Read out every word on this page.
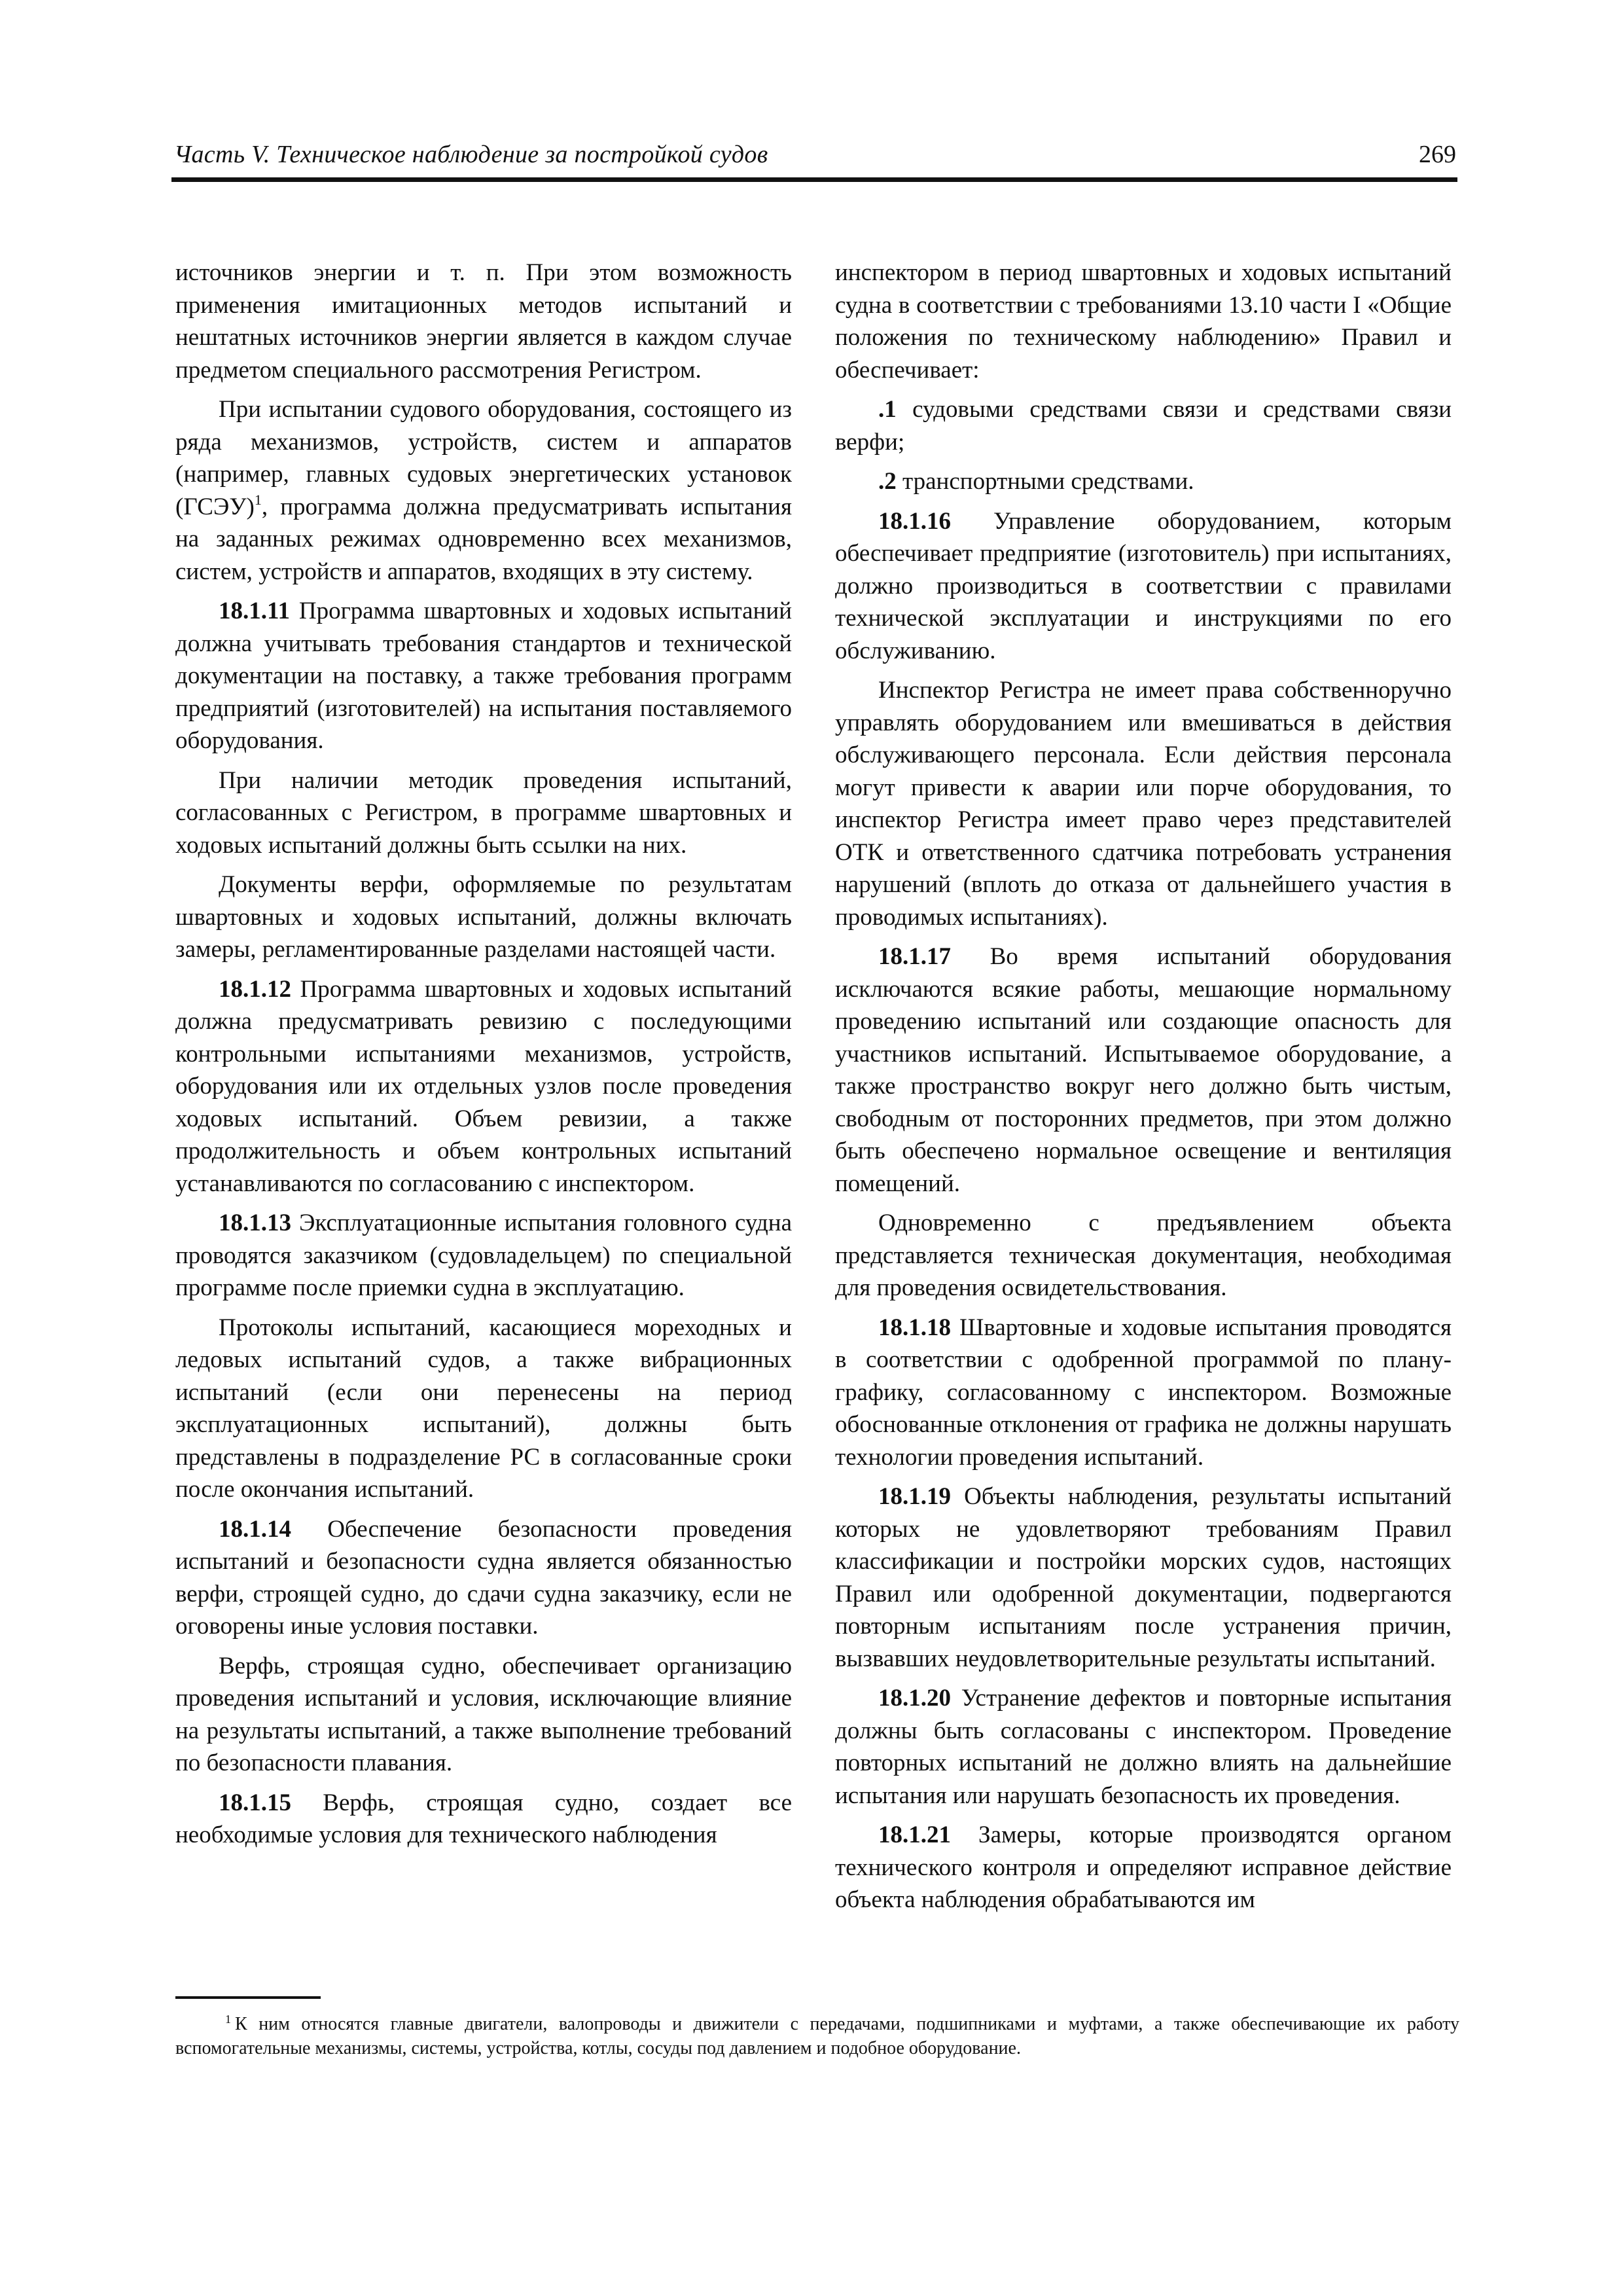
Часть V. Техническое наблюдение за постройкой судов	269

источников энергии и т. п. При этом возможность применения имитационных методов испытаний и нештатных источников энергии является в каждом случае предметом специального рассмотрения Регистром.

При испытании судового оборудования, состоящего из ряда механизмов, устройств, систем и аппаратов (например, главных судовых энергетических установок (ГСЭУ)$^1$, программа должна предусматривать испытания на заданных режимах одновременно всех механизмов, систем, устройств и аппаратов, входящих в эту систему.

18.1.11 Программа швартовных и ходовых испытаний должна учитывать требования стандартов и технической документации на поставку, а также требования программ предприятий (изготовителей) на испытания поставляемого оборудования.

При наличии методик проведения испытаний, согласованных с Регистром, в программе швартовных и ходовых испытаний должны быть ссылки на них.

Документы верфи, оформляемые по результатам швартовных и ходовых испытаний, должны включать замеры, регламентированные разделами настоящей части.

18.1.12 Программа швартовных и ходовых испытаний должна предусматривать ревизию с последующими контрольными испытаниями механизмов, устройств, оборудования или их отдельных узлов после проведения ходовых испытаний. Объем ревизии, а также продолжительность и объем контрольных испытаний устанавливаются по согласованию с инспектором.

18.1.13 Эксплуатационные испытания головного судна проводятся заказчиком (судовладельцем) по специальной программе после приемки судна в эксплуатацию.

Протоколы испытаний, касающиеся мореходных и ледовых испытаний судов, а также вибрационных испытаний (если они перенесены на период эксплуатационных испытаний), должны быть представлены в подразделение РС в согласованные сроки после окончания испытаний.

18.1.14 Обеспечение безопасности проведения испытаний и безопасности судна является обязанностью верфи, строящей судно, до сдачи судна заказчику, если не оговорены иные условия поставки.

Верфь, строящая судно, обеспечивает организацию проведения испытаний и условия, исключающие влияние на результаты испытаний, а также выполнение требований по безопасности плавания.

18.1.15 Верфь, строящая судно, создает все необходимые условия для технического наблюдения

инспектором в период швартовных и ходовых испытаний судна в соответствии с требованиями 13.10 части I «Общие положения по техническому наблюдению» Правил и обеспечивает:

.1 судовыми средствами связи и средствами связи верфи;

.2 транспортными средствами.

18.1.16 Управление оборудованием, которым обеспечивает предприятие (изготовитель) при испытаниях, должно производиться в соответствии с правилами технической эксплуатации и инструкциями по его обслуживанию.

Инспектор Регистра не имеет права собственноручно управлять оборудованием или вмешиваться в действия обслуживающего персонала. Если действия персонала могут привести к аварии или порче оборудования, то инспектор Регистра имеет право через представителей ОТК и ответственного сдатчика потребовать устранения нарушений (вплоть до отказа от дальнейшего участия в проводимых испытаниях).

18.1.17 Во время испытаний оборудования исключаются всякие работы, мешающие нормальному проведению испытаний или создающие опасность для участников испытаний. Испытываемое оборудование, а также пространство вокруг него должно быть чистым, свободным от посторонних предметов, при этом должно быть обеспечено нормальное освещение и вентиляция помещений.

Одновременно с предъявлением объекта представляется техническая документация, необходимая для проведения освидетельствования.

18.1.18 Швартовные и ходовые испытания проводятся в соответствии с одобренной программой по плану-графику, согласованному с инспектором. Возможные обоснованные отклонения от графика не должны нарушать технологии проведения испытаний.

18.1.19 Объекты наблюдения, результаты испытаний которых не удовлетворяют требованиям Правил классификации и постройки морских судов, настоящих Правил или одобренной документации, подвергаются повторным испытаниям после устранения причин, вызвавших неудовлетворительные результаты испытаний.

18.1.20 Устранение дефектов и повторные испытания должны быть согласованы с инспектором. Проведение повторных испытаний не должно влиять на дальнейшие испытания или нарушать безопасность их проведения.

18.1.21 Замеры, которые производятся органом технического контроля и определяют исправное действие объекта наблюдения обрабатываются им

$^1$ К ним относятся главные двигатели, валопроводы и движители с передачами, подшипниками и муфтами, а также обеспечивающие их работу вспомогательные механизмы, системы, устройства, котлы, сосуды под давлением и подобное оборудование.
